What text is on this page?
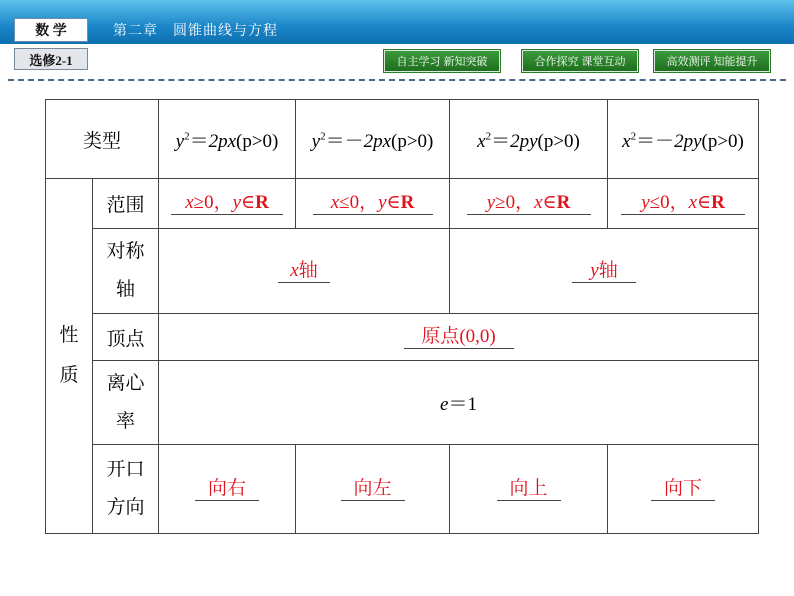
数 学
选修2-1
第二章　圆锥曲线与方程
自主学习 新知突破	合作探究 课堂互动	高效测评 知能提升
类型		$y^2=2px(p>0)$	$y^2=-2px(p>0)$	$x^2=2py(p>0)$	$x^2=-2py(p>0)$

性
质	范围	x≥0，y∈R	x≤0，y∈R	y≥0，x∈R	y≤0，x∈R

	对称
轴	x轴		y轴	
	顶点	原点(0,0)			

	离心
率	e＝1			

	开口
方向	向右	向左	向上	向下
